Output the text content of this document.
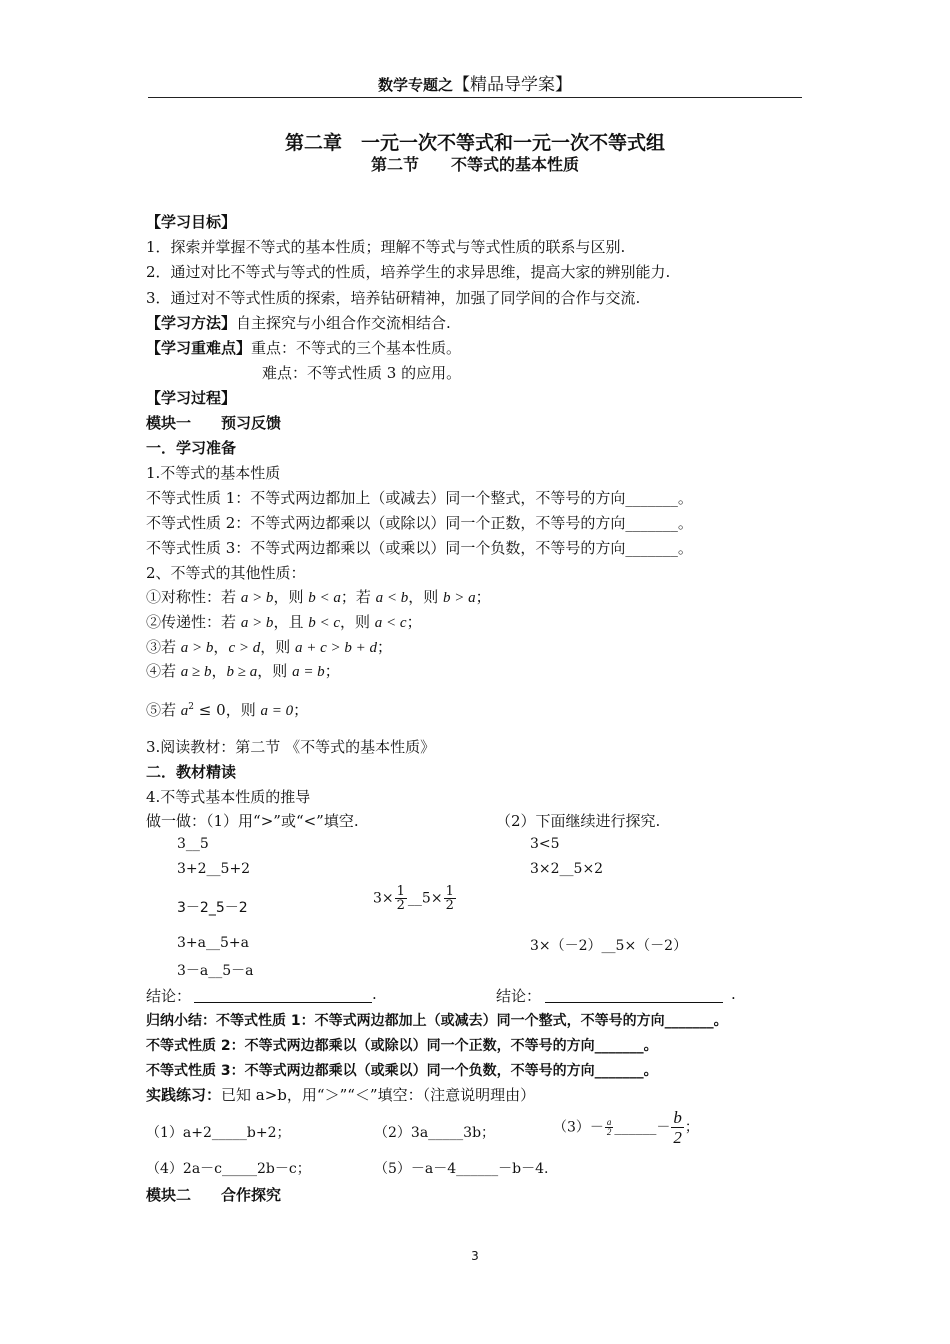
数学专题之【精品导学案】
第二章　一元一次不等式和一元一次不等式组
第二节　　不等式的基本性质
【学习目标】
1．探索并掌握不等式的基本性质；理解不等式与等式性质的联系与区别.
2．通过对比不等式与等式的性质，培养学生的求异思维，提高大家的辨别能力.
3．通过对不等式性质的探索，培养钻研精神，加强了同学间的合作与交流.
【学习方法】自主探究与小组合作交流相结合.
【学习重难点】重点：不等式的三个基本性质。
难点：不等式性质 3 的应用。
【学习过程】
模块一　　预习反馈
一．学习准备
1.不等式的基本性质
不等式性质 1：不等式两边都加上（或减去）同一个整式，不等号的方向_______。
不等式性质 2：不等式两边都乘以（或除以）同一个正数，不等号的方向_______。
不等式性质 3：不等式两边都乘以（或乘以）同一个负数，不等号的方向_______。
2、不等式的其他性质：
①对称性：若 a > b，则 b < a；若 a < b，则 b > a；
②传递性：若 a > b，且 b < c，则 a < c；
③若 a > b，c > d，则 a + c > b + d；
④若 a ≥ b，b ≥ a，则 a = b；
⑤若 $a^2 \le 0$，则 a = 0；
3.阅读教材：第二节 《不等式的基本性质》
二．教材精读
4.不等式基本性质的推导
做一做：（1）用“>”或“<”填空.	（2）下面继续进行探究.
3__5
3+2__5+2
3－2_5－2
3+a__5+a
3－a__5－a
$3\times \frac{1}{2}$ __5× $\frac{1}{2}$
3<5
3×2__5×2
3×（－2）__5×（－2）
结论：	.	结论：	.
归纳小结：不等式性质 1：不等式两边都加上（或减去）同一个整式，不等号的方向_______。
不等式性质 2：不等式两边都乘以（或除以）同一个正数，不等号的方向_______。
不等式性质 3：不等式两边都乘以（或乘以）同一个负数，不等号的方向_______。
实践练习：已知 a>b，用“＞”“＜”填空：（注意说明理由）
（1）a+2_____b+2；	（2）3a_____3b；	$(3)- \frac{a}{2}$ ______－ $\frac{b}{2}$ ；
（4）2a－c_____2b－c；	（5）－a－4______－b－4.
模块二　　合作探究
3
